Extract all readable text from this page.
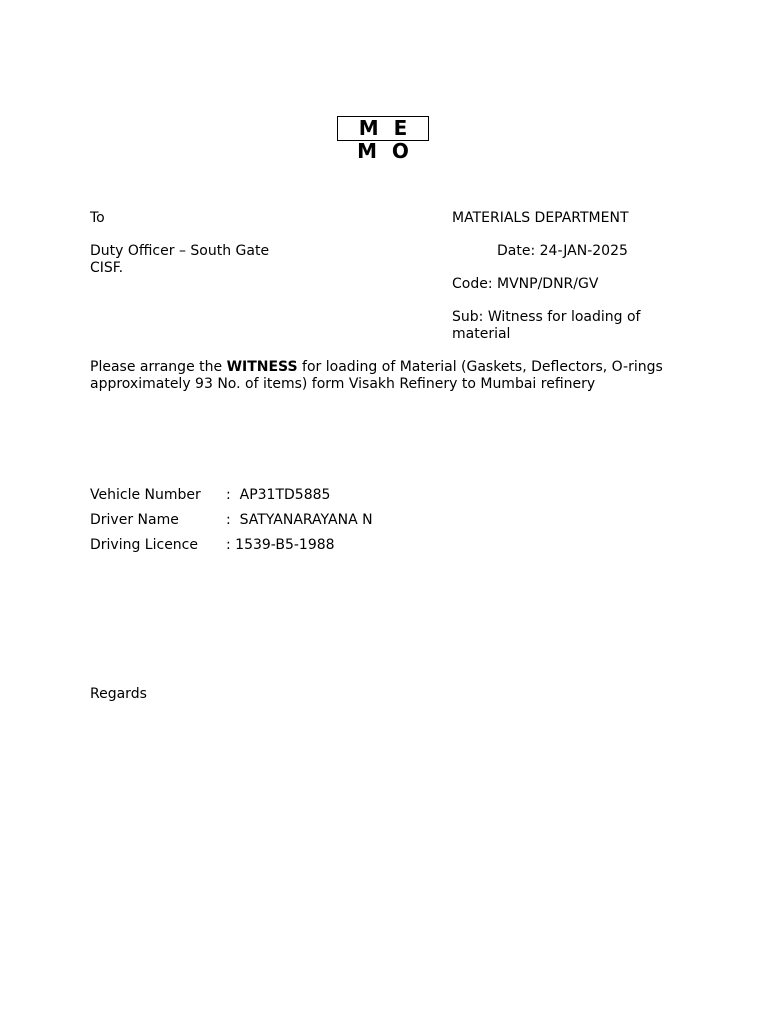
M E M O
To
Duty Officer – South Gate
CISF.
MATERIALS DEPARTMENT
Date: 24-JAN-2025
Code: MVNP/DNR/GV
Sub: Witness for loading of material
Please arrange the WITNESS for loading of Material (Gaskets, Deflectors, O-rings approximately 93 No. of items) form Visakh Refinery to Mumbai refinery
Vehicle Number :  AP31TD5885
Driver Name	:  SATYANARAYANA N
Driving Licence : 1539-B5-1988
Regards
